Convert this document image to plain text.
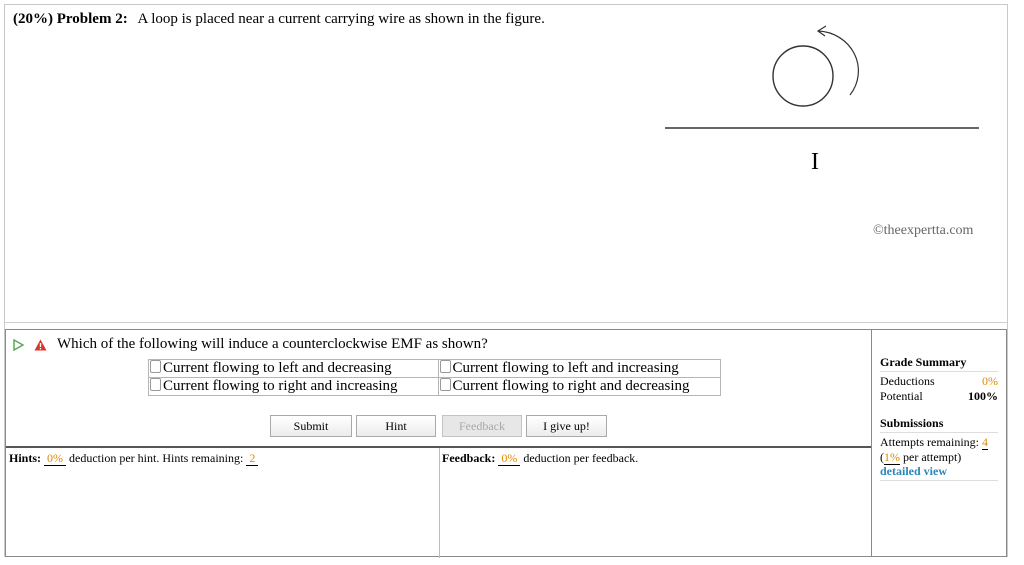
(20%) Problem 2: A loop is placed near a current carrying wire as shown in the figure.
I
©theexpertta.com
Which of the following will induce a counterclockwise EMF as shown?
Current flowing to left and decreasing	Current flowing to left and increasing
Current flowing to right and increasing	Current flowing to right and decreasing
Submit	Hint	Feedback	I give up!
Hints: 0% deduction per hint. Hints remaining: 2	Feedback: 0% deduction per feedback.
Grade Summary
Deductions	0%
Potential	100%
Submissions
Attempts remaining: 4
(1% per attempt)
detailed view
